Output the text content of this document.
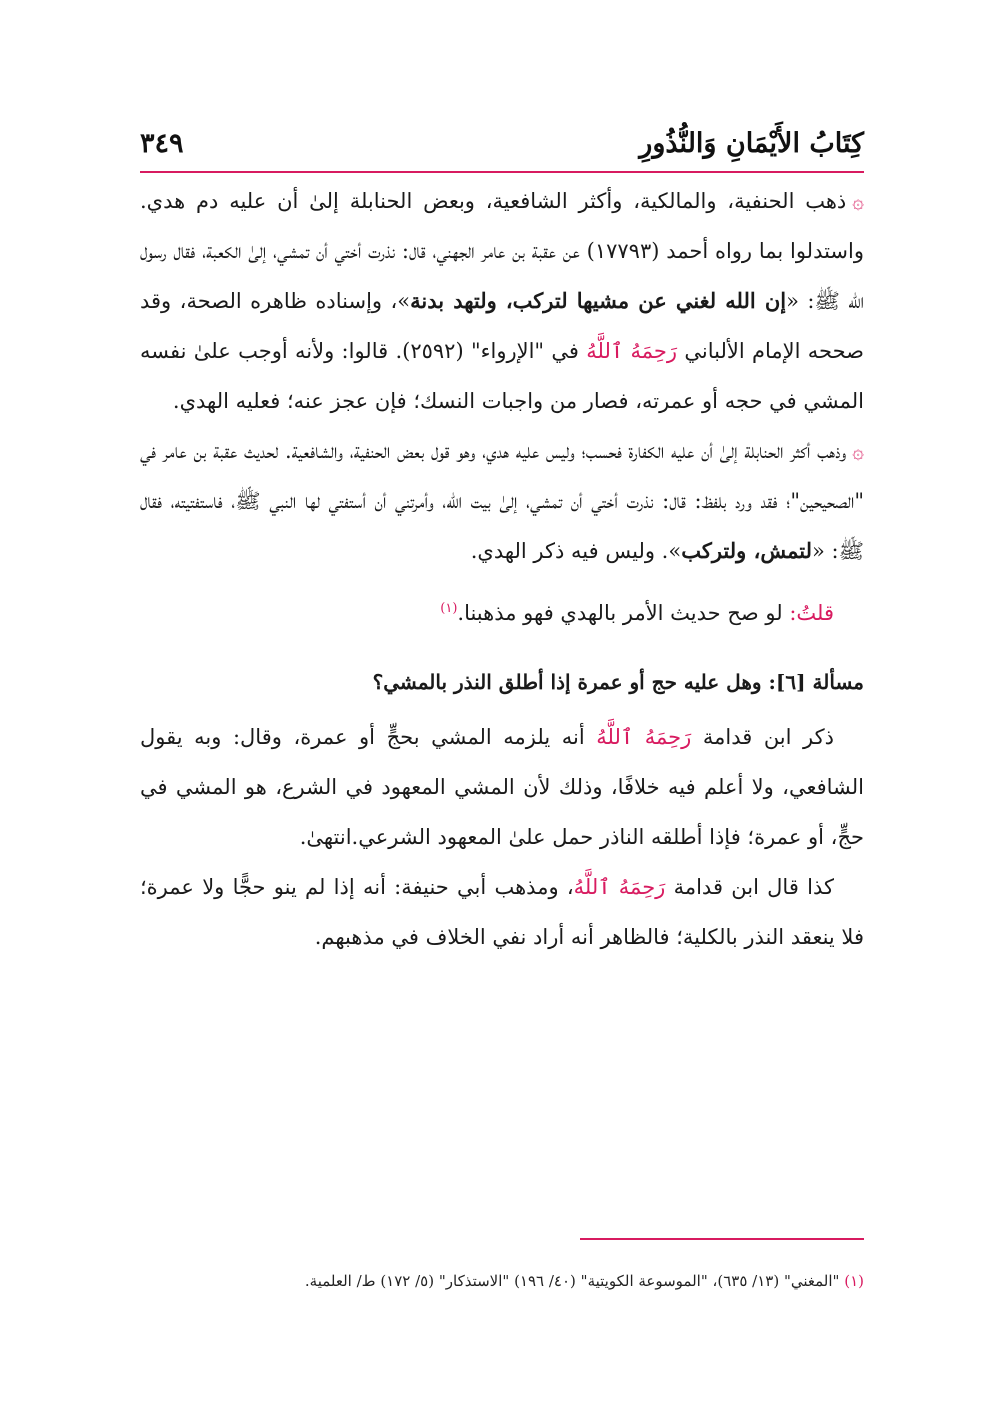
كِتَابُ الأَيْمَانِ وَالنُّذُورِ
٣٤٩

۞ذهب الحنفية، والمالكية، وأكثر الشافعية، وبعض الحنابلة إلىٰ أن عليه دم هدي. واستدلوا بما رواه أحمد (١٧٧٩٣) عن عقبة بن عامر الجهني، قال: نذرت أختي أن تمشي، إلىٰ الكعبة، فقال رسول الله ﷺ: «إن الله لغني عن مشيها لتركب، ولتهد بدنة»، وإسناده ظاهره الصحة، وقد صححه الإمام الألباني رَحِمَهُ ٱللَّهُ في "الإرواء" (٢٥٩٢). قالوا: ولأنه أوجب علىٰ نفسه المشي في حجه أو عمرته، فصار من واجبات النسك؛ فإن عجز عنه؛ فعليه الهدي.

۞وذهب أكثر الحنابلة إلىٰ أن عليه الكفارة فحسب؛ وليس عليه هدي، وهو قول بعض الحنفية، والشافعية. لحديث عقبة بن عامر في "الصحيحين"؛ فقد ورد بلفظ: قال: نذرت أختي أن تمشي، إلىٰ بيت الله، وأمرتني أن أستفتي لها النبي ﷺ، فاستفتيته، فقال ﷺ: «لتمش، ولتركب». وليس فيه ذكر الهدي.

قلتُ: لو صح حديث الأمر بالهدي فهو مذهبنا.$^{(١)}$

مسألة [٦]: وهل عليه حج أو عمرة إذا أطلق النذر بالمشي؟

ذكر ابن قدامة رَحِمَهُ ٱللَّهُ أنه يلزمه المشي بحجٍّ أو عمرة، وقال: وبه يقول الشافعي، ولا أعلم فيه خلافًا، وذلك لأن المشي المعهود في الشرع، هو المشي في حجٍّ، أو عمرة؛ فإذا أطلقه الناذر حمل علىٰ المعهود الشرعي.انتهىٰ.

كذا قال ابن قدامة رَحِمَهُ ٱللَّهُ، ومذهب أبي حنيفة: أنه إذا لم ينو حجًّا ولا عمرة؛ فلا ينعقد النذر بالكلية؛ فالظاهر أنه أراد نفي الخلاف في مذهبهم.

(١) "المغني" (١٣/ ٦٣٥)، "الموسوعة الكويتية" (٤٠/ ١٩٦) "الاستذكار" (٥/ ١٧٢) ط/ العلمية.
